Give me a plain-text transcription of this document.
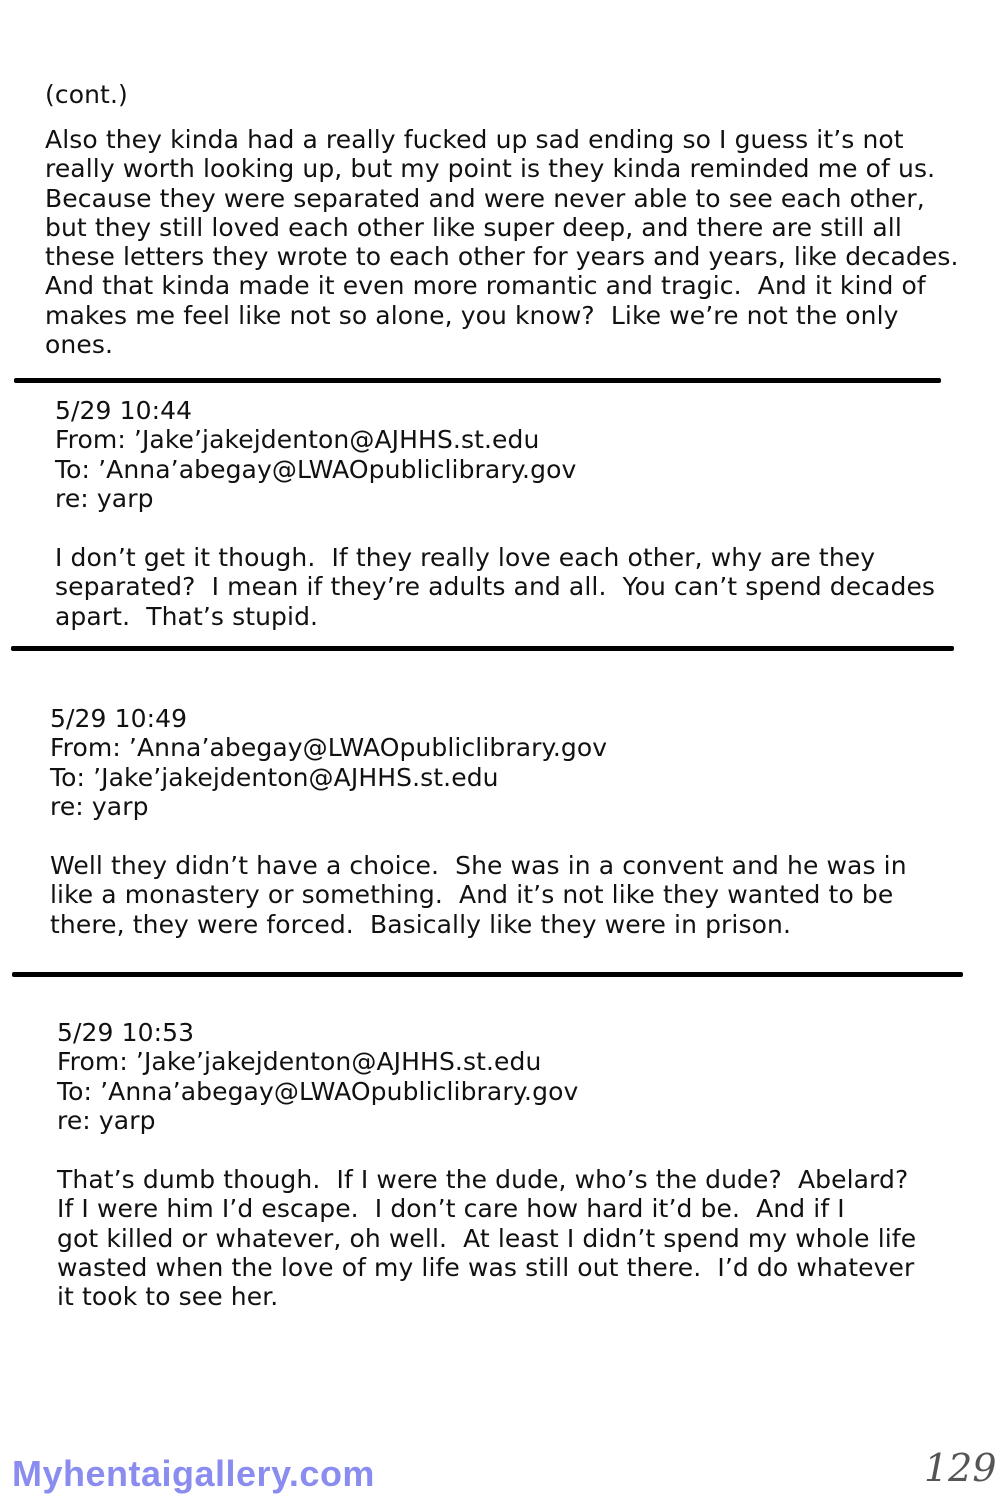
(cont.)
Also they kinda had a really fucked up sad ending so I guess it’s not
really worth looking up, but my point is they kinda reminded me of us.
Because they were separated and were never able to see each other,
but they still loved each other like super deep, and there are still all
these letters they wrote to each other for years and years, like decades.
And that kinda made it even more romantic and tragic.  And it kind of
makes me feel like not so alone, you know?  Like we’re not the only
ones.
5/29 10:44
From: ’Jake’jakejdenton@AJHHS.st.edu
To: ’Anna’abegay@LWAOpubliclibrary.gov
re: yarp
I don’t get it though.  If they really love each other, why are they
separated?  I mean if they’re adults and all.  You can’t spend decades
apart.  That’s stupid.
5/29 10:49
From: ’Anna’abegay@LWAOpubliclibrary.gov
To: ’Jake’jakejdenton@AJHHS.st.edu
re: yarp
Well they didn’t have a choice.  She was in a convent and he was in
like a monastery or something.  And it’s not like they wanted to be
there, they were forced.  Basically like they were in prison.
5/29 10:53
From: ’Jake’jakejdenton@AJHHS.st.edu
To: ’Anna’abegay@LWAOpubliclibrary.gov
re: yarp
That’s dumb though.  If I were the dude, who’s the dude?  Abelard?
If I were him I’d escape.  I don’t care how hard it’d be.  And if I
got killed or whatever, oh well.  At least I didn’t spend my whole life
wasted when the love of my life was still out there.  I’d do whatever
it took to see her.
Myhentaigallery.com	129
